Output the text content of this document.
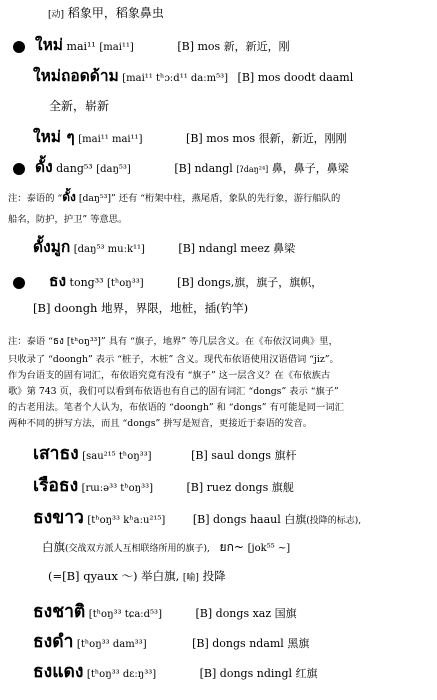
[动] 稻象甲，稻象鼻虫
ใหม่ mai¹¹ [mai¹¹]	[B] mos 新，新近，刚
ใหม่ถอดด้าม [mai¹¹ tʰɔːd¹¹ daːm⁵³] [B] mos doodt daaml
全新，崭新
ใหม่ ๆ [mai¹¹ mai¹¹]	[B] mos mos 很新，新近，刚刚
ดั้ง dang⁵³ [daŋ⁵³]	[B] ndangl [ʔdaŋ²⁴] 鼻，鼻子，鼻梁
注：泰语的 “ดั้ง [daŋ⁵³]” 还有 “桁架中柱，燕尾盾，象队的先行象，游行船队的
船名，防护，护卫” 等意思。
ดั้งมูก [daŋ⁵³ muːk¹¹]	[B] ndangl meez 鼻梁
ธง tong³³ [tʰoŋ³³]	[B] dongs,旗，旗子，旗帜，
[B] doongh 地界，界限，地桩，插(钓竿)
注：泰语 “ธง [tʰoŋ³³]” 具有 “旗子，地界” 等几层含义。在《布依汉词典》里，
只收录了 “doongh” 表示 “桩子，木桩” 含义。现代布依语使用汉语借词 “jiz”。
作为台语支的固有词汇，布依语究竟有没有 “旗子” 这一层含义？在《布依族古
歌》第 743 页，我们可以看到布依语也有自己的固有词汇 “dongs” 表示 “旗子”
的古老用法。笔者个人认为，布依语的 “doongh” 和 “dongs” 有可能是同一词汇
两种不同的拼写方法，而且 “dongs” 拼写是短音，更接近于泰语的发音。
เสาธง [sau²¹⁵ tʰoŋ³³]	[B] saul dongs 旗杆
เรือธง [rɯːə³³ tʰoŋ³³]	[B] ruez dongs 旗舰
ธงขาว [tʰoŋ³³ kʰaːu²¹⁵]	[B] dongs haaul 白旗(投降的标志),
白旗(交战双方派人互相联络所用的旗子), ยก~ [jok⁵⁵ ~]
(=[B] qyaux ～) 举白旗, [喻] 投降
ธงชาติ [tʰoŋ³³ tɕaːd⁵³]	[B] dongs xaz 国旗
ธงดำ [tʰoŋ³³ dam³³]	[B] dongs ndaml 黑旗
ธงแดง [tʰoŋ³³ dɛːŋ³³]	[B] dongs ndingl 红旗
